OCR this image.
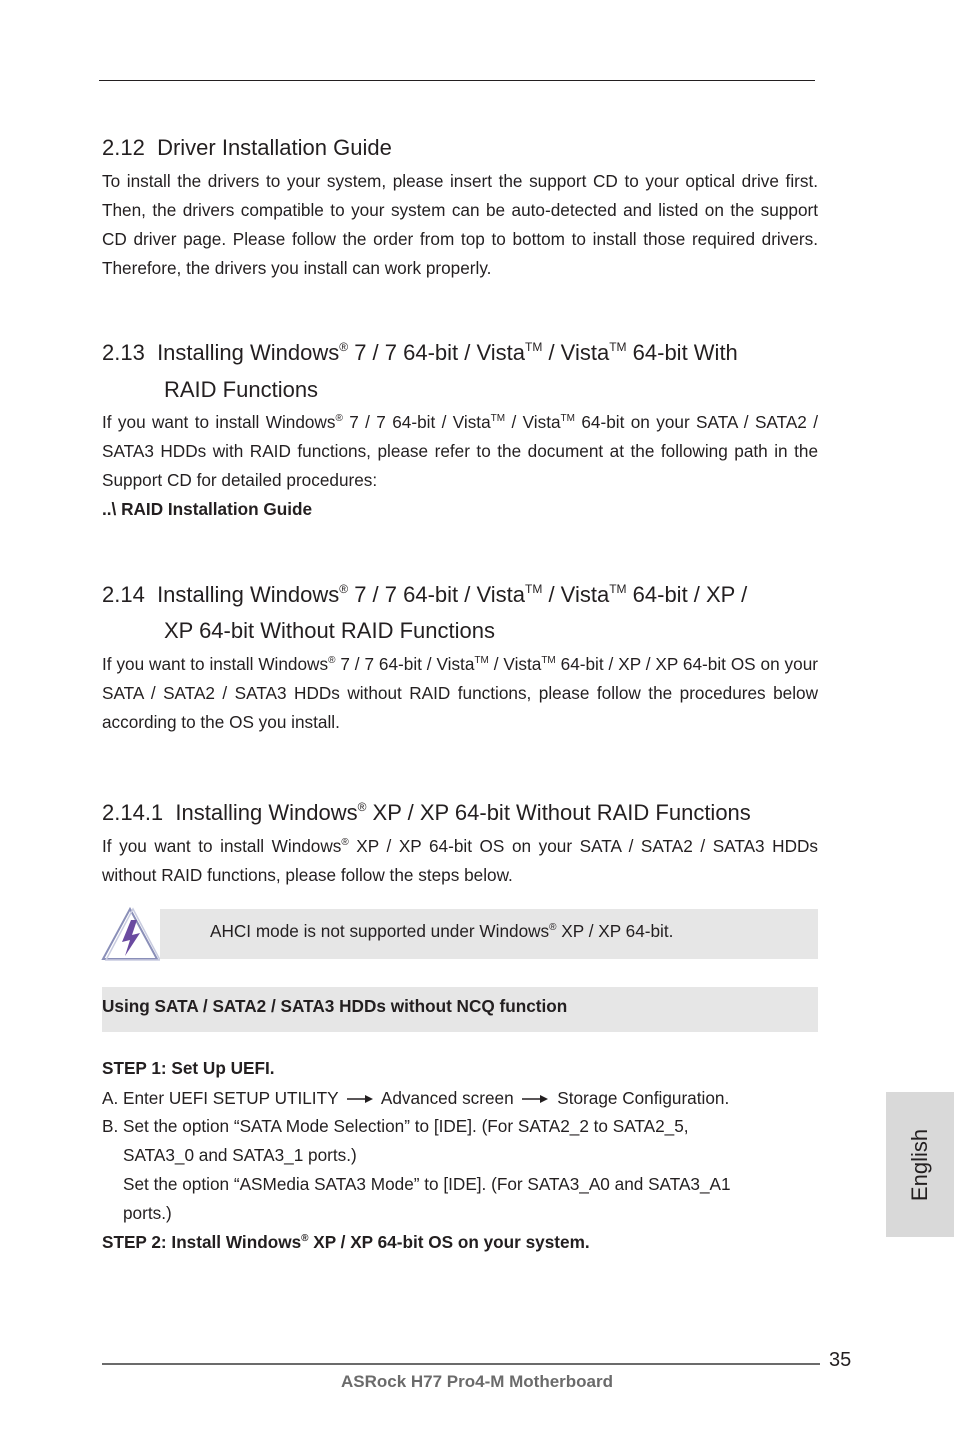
2.12 Driver Installation Guide
To install the drivers to your system, please insert the support CD to your optical drive first. Then, the drivers compatible to your system can be auto-detected and listed on the support CD driver page. Please follow the order from top to bottom to install those required drivers. Therefore, the drivers you install can work properly.
2.13 Installing Windows® 7 / 7 64-bit / Vista™ / Vista™ 64-bit With
RAID Functions
If you want to install Windows® 7 / 7 64-bit / Vista™ / Vista™ 64-bit on your SATA / SATA2 / SATA3 HDDs with RAID functions, please refer to the document at the following path in the Support CD for detailed procedures:
..\ RAID Installation Guide
2.14 Installing Windows® 7 / 7 64-bit / Vista™ / Vista™ 64-bit / XP /
XP 64-bit Without RAID Functions
If you want to install Windows® 7 / 7 64-bit / Vista™ / Vista™ 64-bit / XP / XP 64-bit OS on your SATA / SATA2 / SATA3 HDDs without RAID functions, please follow the procedures below according to the OS you install.
2.14.1 Installing Windows® XP / XP 64-bit Without RAID Functions
If you want to install Windows® XP / XP 64-bit OS on your SATA / SATA2 / SATA3 HDDs without RAID functions, please follow the steps below.
AHCI mode is not supported under Windows® XP / XP 64-bit.
Using SATA / SATA2 / SATA3 HDDs without NCQ function
STEP 1: Set Up UEFI.
A. Enter UEFI SETUP UTILITY Advanced screen	Storage Configuration.
B. Set the option “SATA Mode Selection” to [IDE]. (For SATA2_2 to SATA2_5,
SATA3_0 and SATA3_1 ports.)
Set the option “ASMedia SATA3 Mode” to [IDE]. (For SATA3_A0 and SATA3_A1
ports.)
STEP 2: Install Windows® XP / XP 64-bit OS on your system.
English
35
ASRock H77 Pro4-M Motherboard
